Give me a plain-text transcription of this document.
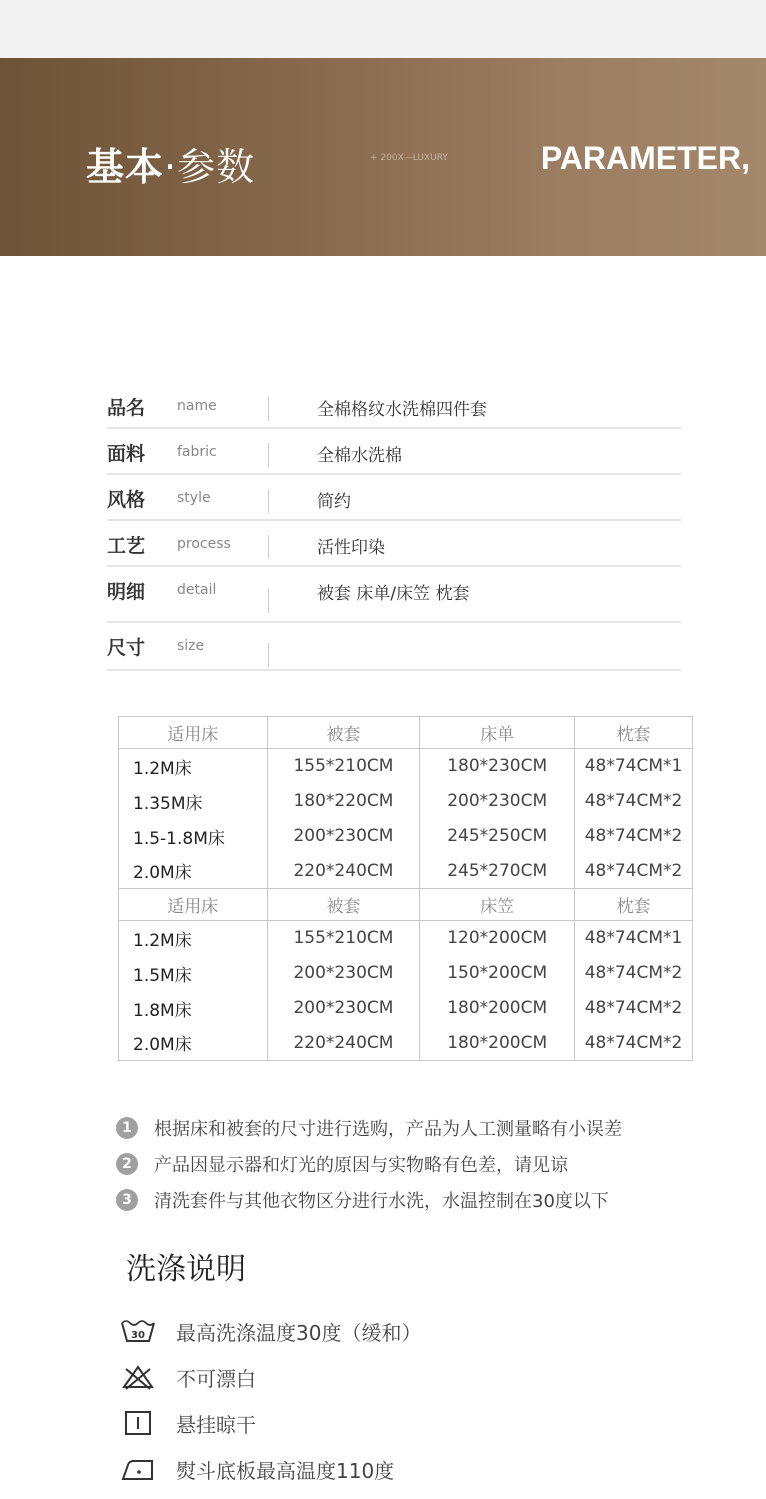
基本·参数	+ 200X—LUXURY	PARAMETER,
品名 name	全棉格纹水洗棉四件套
面料 fabric	全棉水洗棉
风格 style	简约
工艺 process	活性印染
明细 detail	被套 床单/床笠 枕套
尺寸 size
适用床	被套	床单	枕套
1.2M床	155*210CM	180*230CM	48*74CM*1
1.35M床	180*220CM	200*230CM	48*74CM*2
1.5-1.8M床	200*230CM	245*250CM	48*74CM*2
2.0M床	220*240CM	245*270CM	48*74CM*2
适用床	被套	床笠	枕套
1.2M床	155*210CM	120*200CM	48*74CM*1
1.5M床	200*230CM	150*200CM	48*74CM*2
1.8M床	200*230CM	180*200CM	48*74CM*2
2.0M床	220*240CM	180*200CM	48*74CM*2
1	根据床和被套的尺寸进行选购，产品为人工测量略有小误差
2	产品因显示器和灯光的原因与实物略有色差，请见谅
3	清洗套件与其他衣物区分进行水洗，水温控制在30度以下
洗涤说明
30 最高洗涤温度30度（缓和）
不可漂白
悬挂晾干
熨斗底板最高温度110度
